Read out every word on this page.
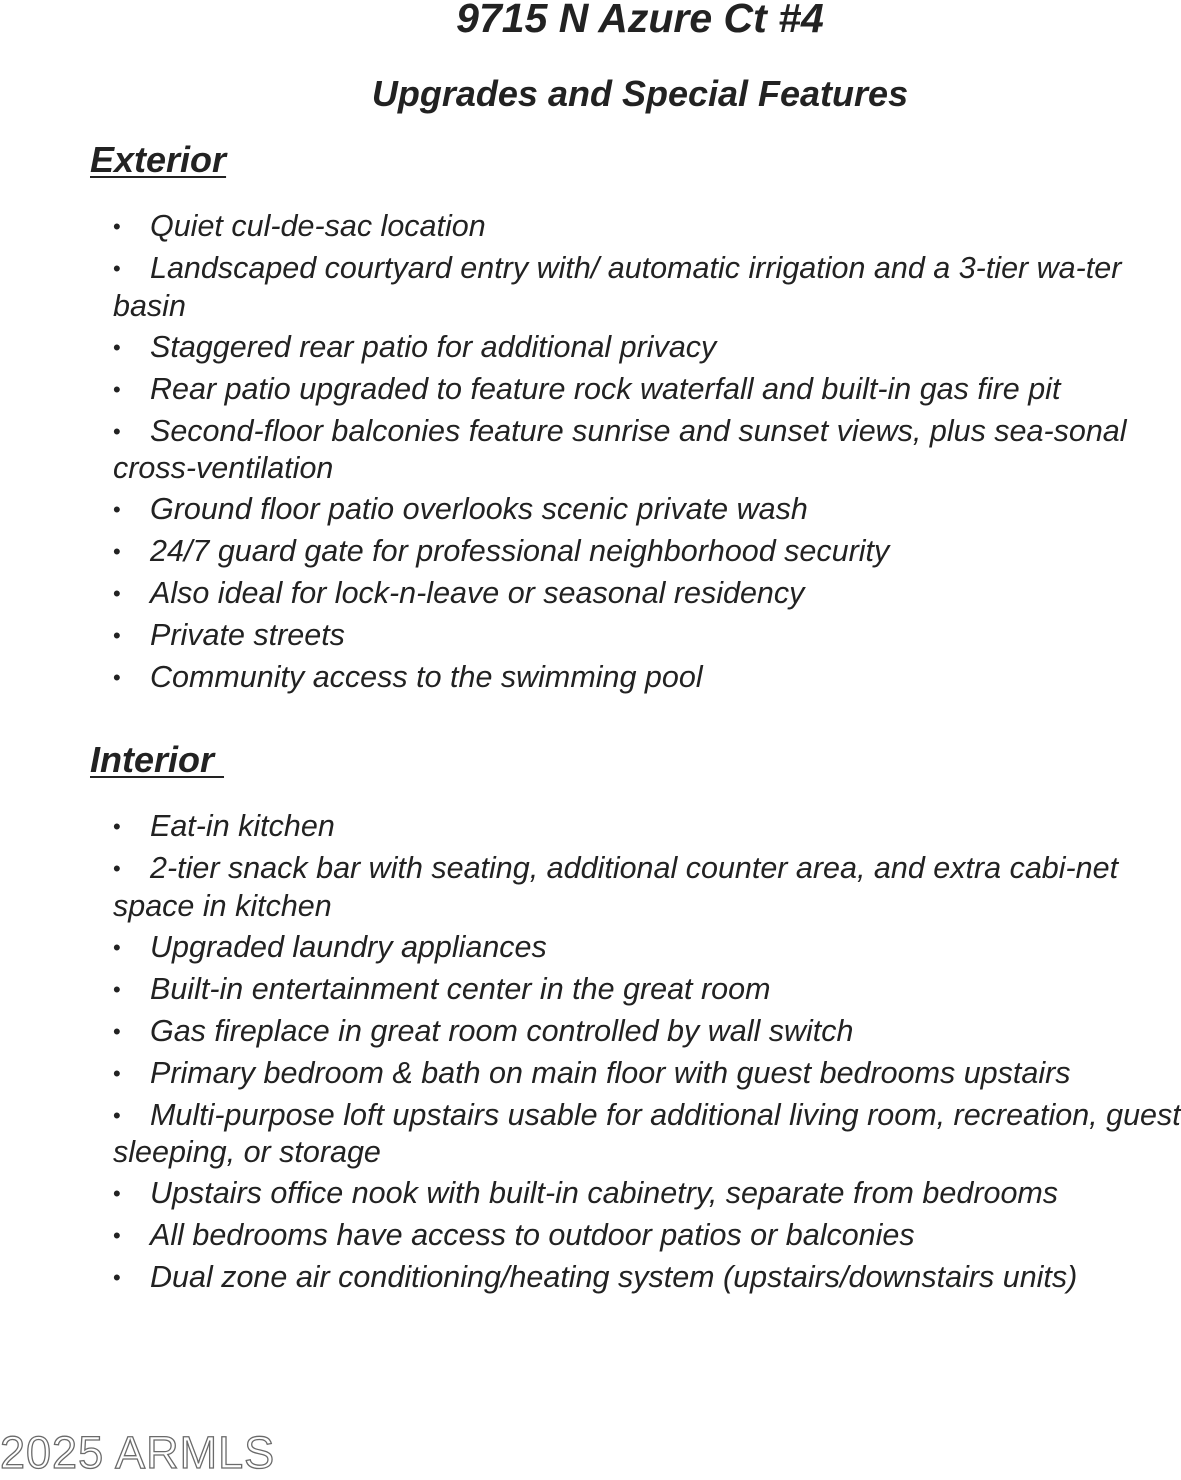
9715 N Azure Ct #4
Upgrades and Special Features
Exterior
• Quiet cul-de-sac location
• Landscaped courtyard entry with/ automatic irrigation and a 3-tier wa-ter basin
• Staggered rear patio for additional privacy
• Rear patio upgraded to feature rock waterfall and built-in gas fire pit
• Second-floor balconies feature sunrise and sunset views, plus sea-sonal cross-ventilation
• Ground floor patio overlooks scenic private wash
• 24/7 guard gate for professional neighborhood security
• Also ideal for lock-n-leave or seasonal residency
• Private streets
• Community access to the swimming pool
Interior
• Eat-in kitchen
• 2-tier snack bar with seating, additional counter area, and extra cabi-net space in kitchen
• Upgraded laundry appliances
• Built-in entertainment center in the great room
• Gas fireplace in great room controlled by wall switch
• Primary bedroom & bath on main floor with guest bedrooms upstairs
• Multi-purpose loft upstairs usable for additional living room, recreation, guest sleeping, or storage
• Upstairs office nook with built-in cabinetry, separate from bedrooms
• All bedrooms have access to outdoor patios or balconies
• Dual zone air conditioning/heating system (upstairs/downstairs units)
2025 ARMLS
